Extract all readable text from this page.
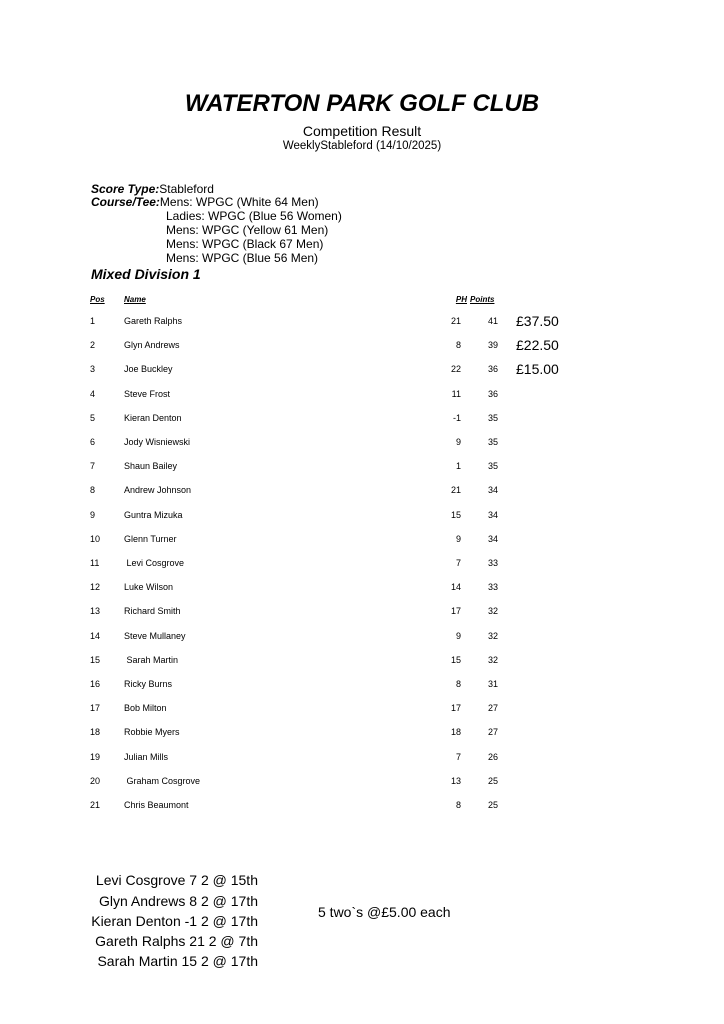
WATERTON PARK GOLF CLUB
Competition Result
WeeklyStableford (14/10/2025)
Score Type:Stableford
Course/Tee:Mens: WPGC (White 64 Men)
Ladies: WPGC (Blue 56 Women)
Mens: WPGC (Yellow 61 Men)
Mens: WPGC (Black 67 Men)
Mens: WPGC (Blue 56 Men)
Mixed Division 1
Pos Name	PH Points
1	Gareth Ralphs	21	41 £37.50
2	Glyn Andrews	8	39 £22.50
3	Joe Buckley	22	36 £15.00
4	Steve Frost	11	36
5	Kieran Denton	-1	35
6	Jody Wisniewski	9	35
7	Shaun Bailey	1	35
8	Andrew Johnson	21	34
9	Guntra Mizuka	15	34
10	Glenn Turner	9	34
11	Levi Cosgrove	7	33
12	Luke Wilson	14	33
13	Richard Smith	17	32
14	Steve Mullaney	9	32
15	Sarah Martin	15	32
16	Ricky Burns	8	31
17	Bob Milton	17	27
18	Robbie Myers	18	27
19	Julian Mills	7	26
20	Graham Cosgrove	13	25
21	Chris Beaumont	8	25
Levi Cosgrove 7 2 @ 15th
Glyn Andrews 8 2 @ 17th
Kieran Denton -1 2 @ 17th
Gareth Ralphs 21 2 @ 7th
Sarah Martin 15 2 @ 17th
5 two`s @£5.00 each
